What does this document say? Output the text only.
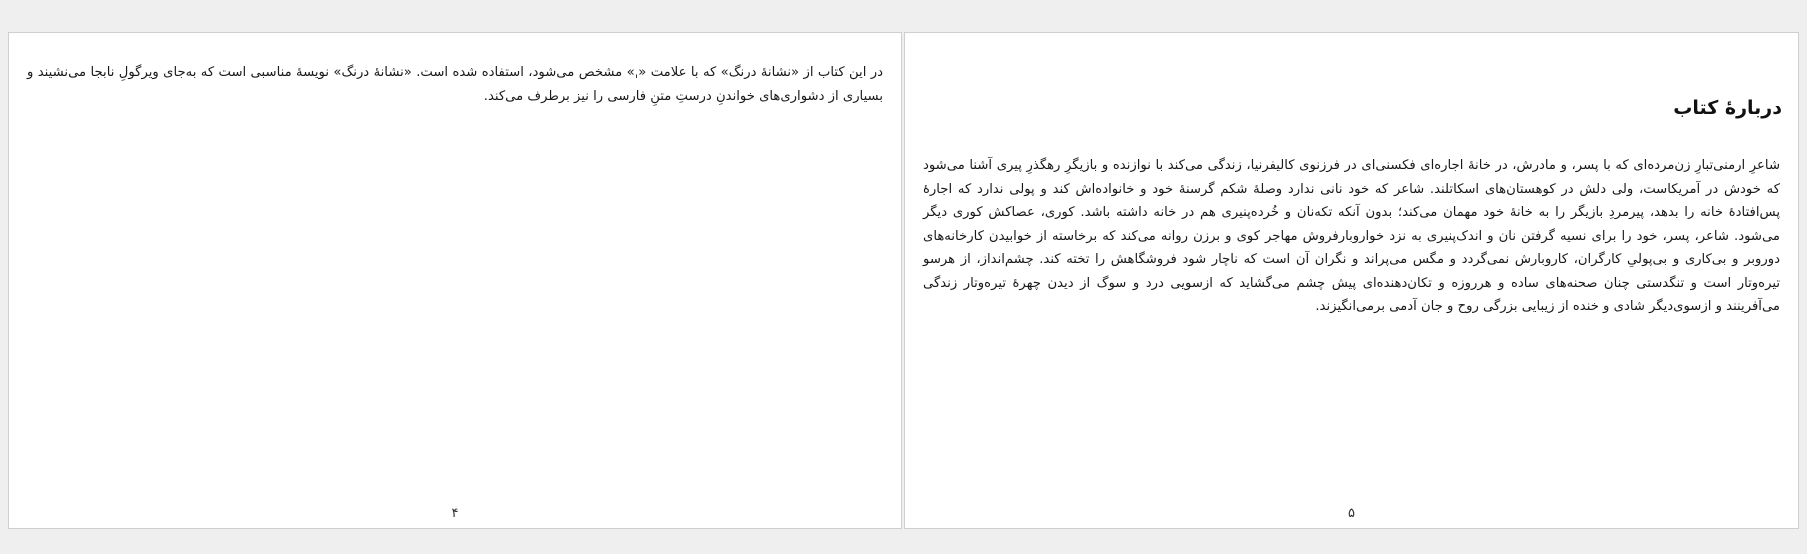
در این کتاب از «نشانهٔ درنگ» که با علامت «ˌ» مشخص می‌شود، استفاده شده است. «نشانهٔ درنگ» نویسهٔ مناسبی است که به‌جای ویرگولِ نابجا می‌نشیند و بسیاری از دشواری‌های خواندنِ درستِ متنِ فارسی را نیز برطرف می‌کند.
۴
دربارهٔ کتاب
شاعرِ ارمنی‌تبارِ زن‌مرده‌ای که با پسر، و مادرش، در خانهٔ اجاره‌ای فکسنی‌ای در فرزنوی کالیفرنیا، زندگی می‌کند با نوازنده و بازیگرِ رهگذرِ پیری آشنا می‌شود که خودش در آمریکاست، ولی دلش در کوهستان‌های اسکاتلند. شاعر که خود نانی ندارد وصلهٔ شکم گرسنهٔ خود و خانواده‌اش کند و پولی ندارد که اجارهٔ پس‌افتادهٔ خانه را بدهد، پیرمردِ بازیگر را به خانهٔ خود مهمان می‌کند؛ بدون آنکه تکه‌نان و خُرده‌پنیری هم در خانه داشته باشد. کوری، عصاکش کوری دیگر می‌شود. شاعر، پسر، خود را برای نسیه گرفتن نان و اندک‌پنیری به نزد خواروبارفروش مهاجر کوی و برزن روانه می‌کند که برخاسته از خوابیدن کارخانه‌های دوروبر و بی‌کاری و بی‌پولیِ کارگران، کاروبارش نمی‌گردد و مگس می‌پراند و نگران آن است که ناچار شود فروشگاهش را تخته کند. چشم‌انداز، از هرسو تیره‌وتار است و تنگدستی چنان صحنه‌های ساده و هرروزه و تکان‌دهنده‌ای پیش چشم می‌گشاید که ازسویی درد و سوگ از دیدن چهرهٔ تیره‌وتار زندگی می‌آفرینند و ازسوی‌دیگر شادی و خنده از زیبایی بزرگی روح و جان آدمی برمی‌انگیزند.
۵
